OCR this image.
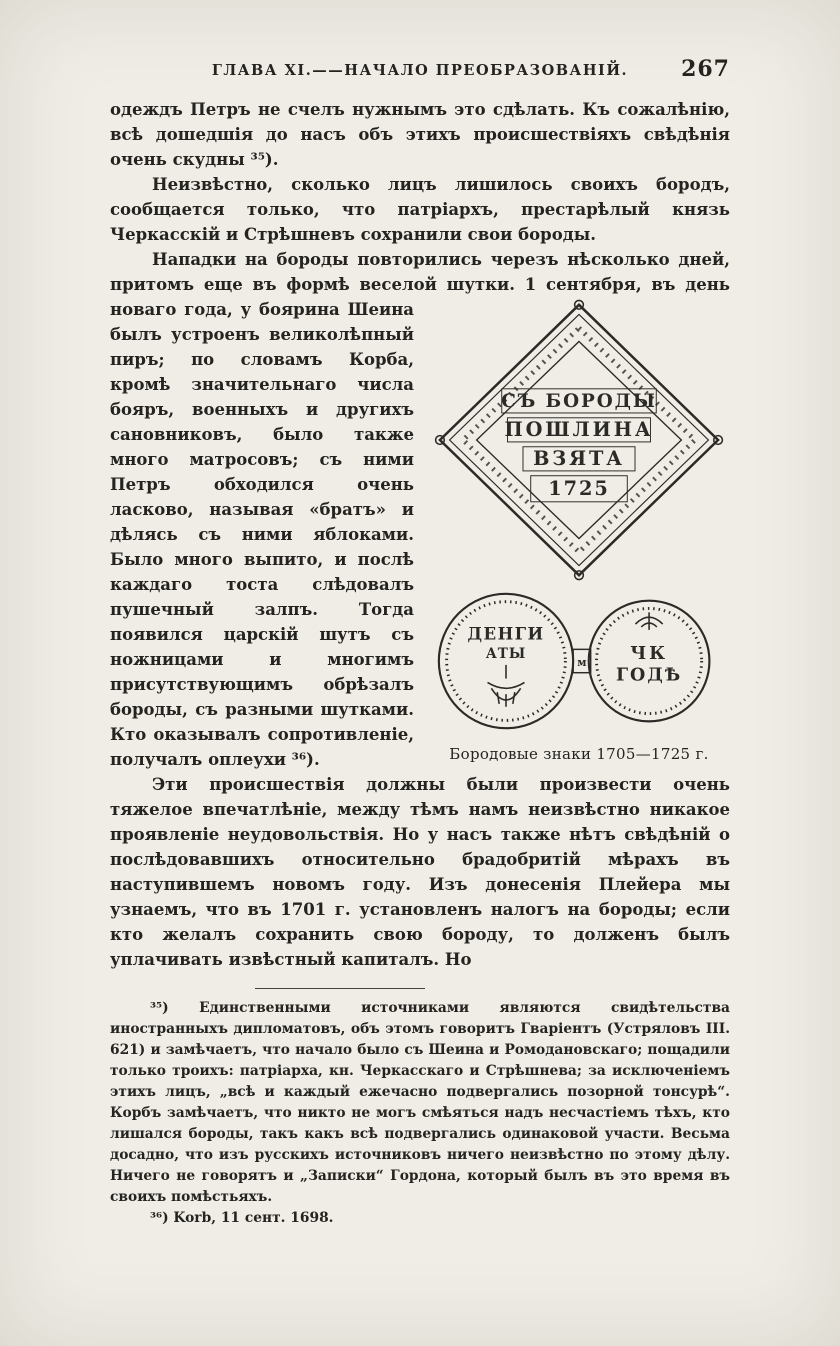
ГЛАВА XI.——НАЧАЛО ПРЕОБРАЗОВАНІЙ. 267

одеждъ Петръ не счелъ нужнымъ это сдѣлать. Къ сожалѣнію, всѣ дошедшія до насъ объ этихъ происшествіяхъ свѣдѣнія очень скудны ³⁵).

Неизвѣстно, сколько лицъ лишилось своихъ бородъ, сообщается только, что патріархъ, престарѣлый князь Черкасскій и Стрѣшневъ сохранили свои бороды.

Нападки на бороды повторились черезъ нѣсколько дней, притомъ еще въ формѣ веселой шутки. 1 сентября, въ день новаго года, у боярина
СЪ БОРОДЫ
ПОШЛИНА
ВЗЯТА
1725
ДЕНГИ
АТЫ
м ЧК
ГОДѢ
Бородовые знаки 1705—1725 г.
Шеина былъ устроенъ великолѣпный пиръ; по словамъ Корба, кромѣ значительнаго числа бояръ, военныхъ и другихъ сановниковъ, было также много матросовъ; съ ними Петръ обходился очень ласково, называя «братъ» и дѣлясь съ ними яблоками. Было много выпито, и послѣ каждаго тоста слѣдовалъ пушечный залпъ. Тогда появился царскій шутъ съ ножницами и многимъ присутствующимъ обрѣзалъ бороды, съ разными шутками. Кто оказывалъ сопротивленіе, получалъ оплеухи ³⁶).

Эти происшествія должны были произвести очень тяжелое впечатлѣніе, между тѣмъ намъ неизвѣстно никакое проявленіе неудовольствія. Но у насъ также нѣтъ свѣдѣній о послѣдовавшихъ относительно брадобритій мѣрахъ въ наступившемъ новомъ году. Изъ донесенія Плейера мы узнаемъ, что въ 1701 г. установленъ налогъ на бороды; если кто желалъ сохранить свою бороду, то долженъ былъ уплачивать извѣстный капиталъ. Но

³⁵) Единственными источниками являются свидѣтельства иностранныхъ дипломатовъ, объ этомъ говоритъ Гваріентъ (Устряловъ III. 621) и замѣчаетъ, что начало было съ Шеина и Ромодановскаго; пощадили только троихъ: патріарха, кн. Черкасскаго и Стрѣшнева; за исключеніемъ этихъ лицъ, „всѣ и каждый ежечасно подвергались позорной тонсурѣ“. Корбъ замѣчаетъ, что никто не могъ смѣяться надъ несчастіемъ тѣхъ, кто лишался бороды, такъ какъ всѣ подвергались одинаковой участи. Весьма досадно, что изъ русскихъ источниковъ ничего неизвѣстно по этому дѣлу. Ничего не говорятъ и „Записки“ Гордона, который былъ въ это время въ своихъ помѣстьяхъ.

³⁶) Korb, 11 сент. 1698.
